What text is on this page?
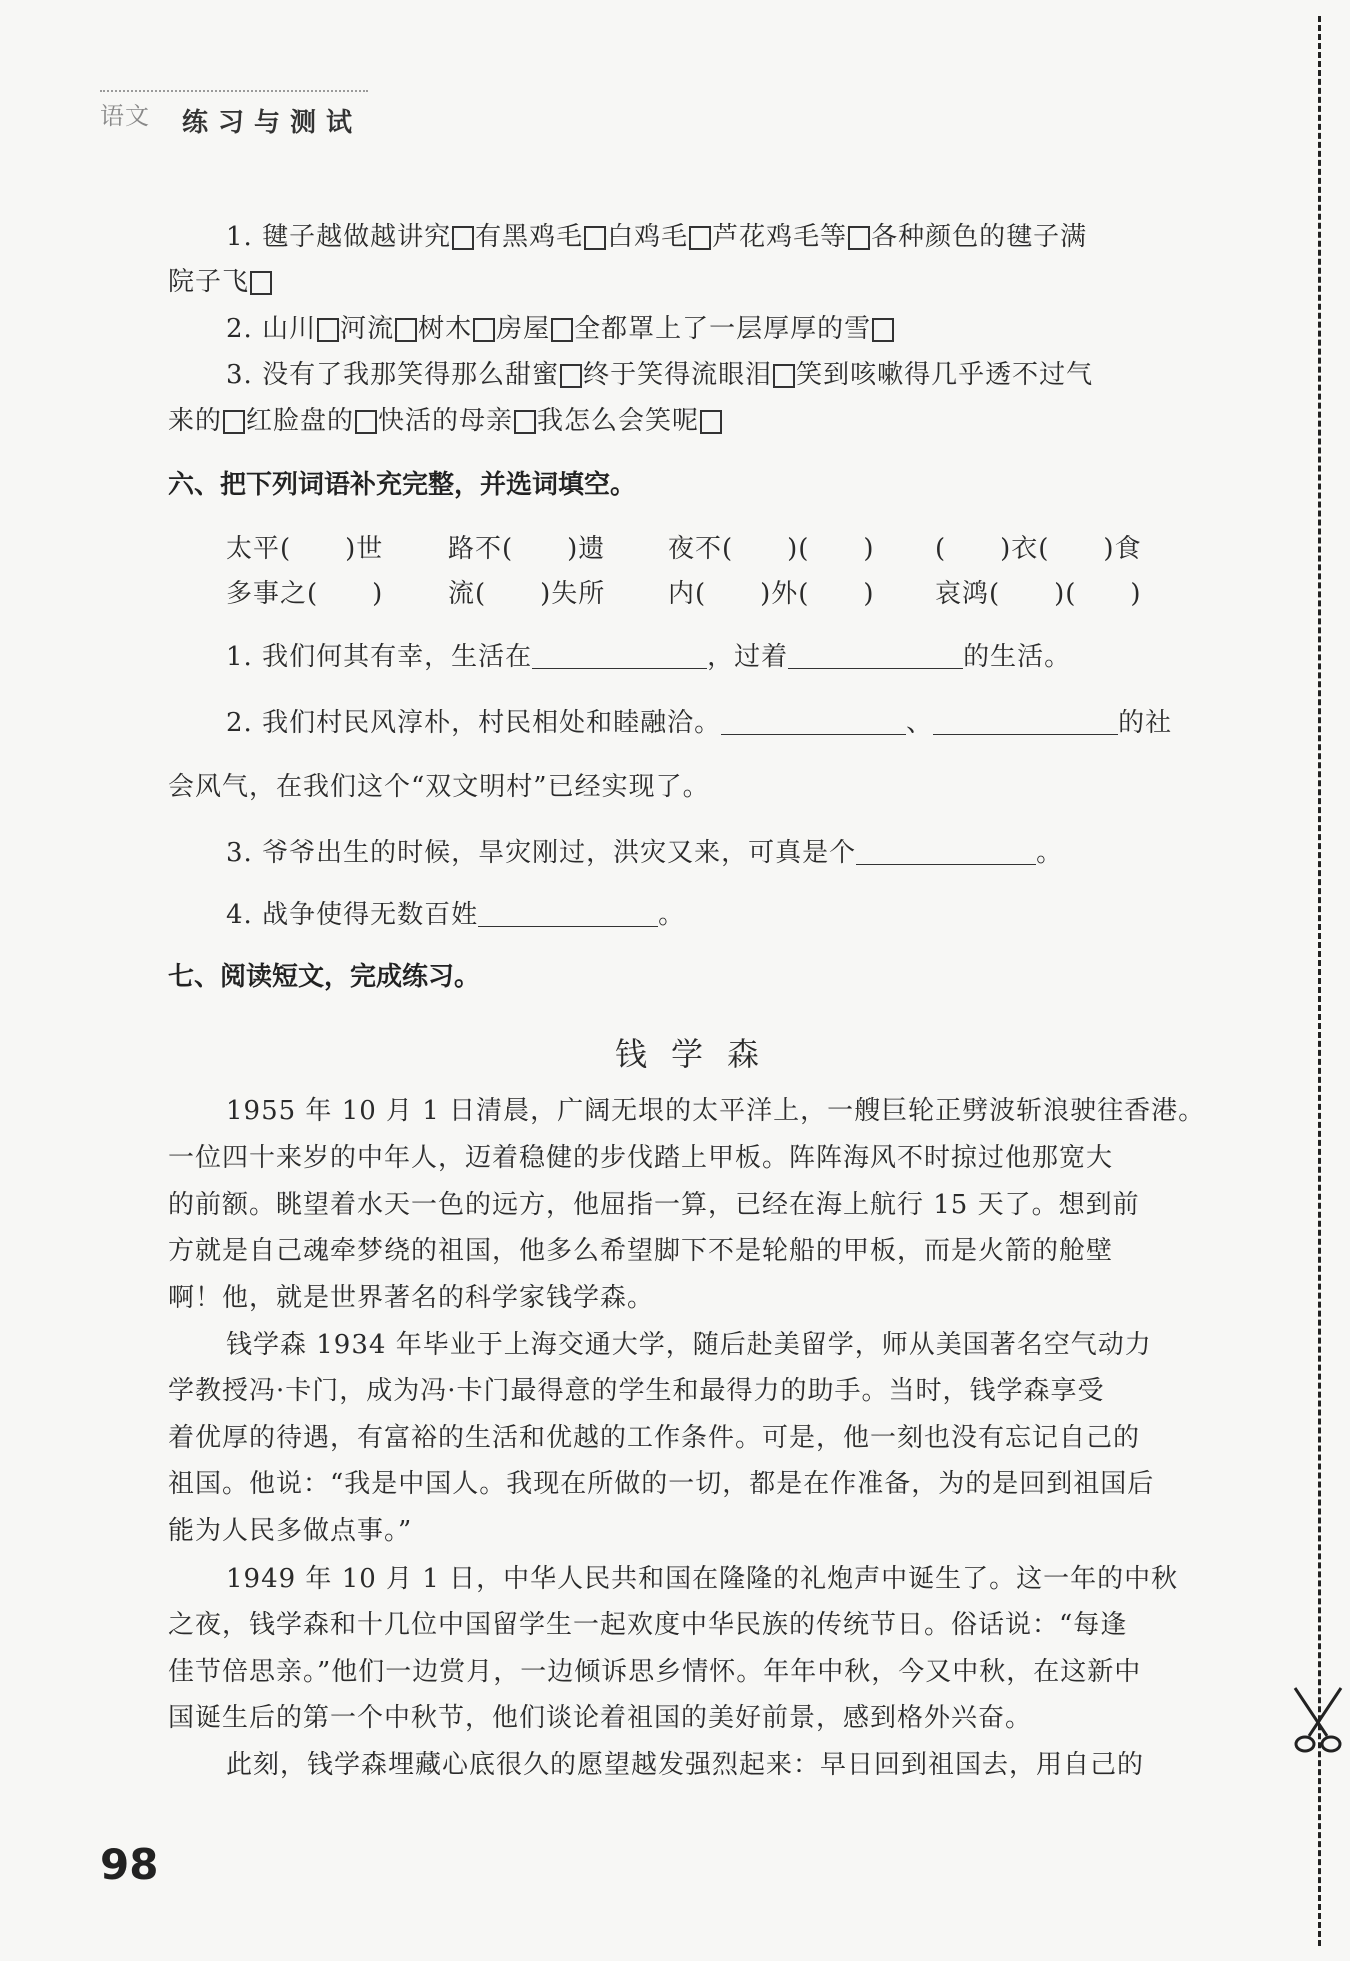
语文 练习与测试
1. 毽子越做越讲究 有黑鸡毛 白鸡毛 芦花鸡毛等 各种颜色的毽子满
院子飞
2. 山川 河流 树木 房屋 全都罩上了一层厚厚的雪
3. 没有了我那笑得那么甜蜜 终于笑得流眼泪 笑到咳嗽得几乎透不过气
来的 红脸盘的 快活的母亲 我怎么会笑呢
六、把下列词语补充完整，并选词填空。
太平(　　)世 路不(　　)遗 夜不(　　)(　　) (　　)衣(　　)食
多事之(　　) 流(　　)失所 内(　　)外(　　) 哀鸿(　　)(　　)
1. 我们何其有幸，生活在	，过着	的生活。
2. 我们村民风淳朴，村民相处和睦融洽。	、	的社
会风气，在我们这个“双文明村”已经实现了。
3. 爷爷出生的时候，旱灾刚过，洪灾又来，可真是个	。
4. 战争使得无数百姓	。
七、阅读短文，完成练习。
钱学森
1955 年 10 月 1 日清晨，广阔无垠的太平洋上，一艘巨轮正劈波斩浪驶往香港。
一位四十来岁的中年人，迈着稳健的步伐踏上甲板。阵阵海风不时掠过他那宽大
的前额。眺望着水天一色的远方，他屈指一算，已经在海上航行 15 天了。想到前
方就是自己魂牵梦绕的祖国，他多么希望脚下不是轮船的甲板，而是火箭的舱壁
啊！他，就是世界著名的科学家钱学森。
钱学森 1934 年毕业于上海交通大学，随后赴美留学，师从美国著名空气动力
学教授冯·卡门，成为冯·卡门最得意的学生和最得力的助手。当时，钱学森享受
着优厚的待遇，有富裕的生活和优越的工作条件。可是，他一刻也没有忘记自己的
祖国。他说：“我是中国人。我现在所做的一切，都是在作准备，为的是回到祖国后
能为人民多做点事。”
1949 年 10 月 1 日，中华人民共和国在隆隆的礼炮声中诞生了。这一年的中秋
之夜，钱学森和十几位中国留学生一起欢度中华民族的传统节日。俗话说：“每逢
佳节倍思亲。”他们一边赏月，一边倾诉思乡情怀。年年中秋，今又中秋，在这新中
国诞生后的第一个中秋节，他们谈论着祖国的美好前景，感到格外兴奋。
此刻，钱学森埋藏心底很久的愿望越发强烈起来：早日回到祖国去，用自己的
98
